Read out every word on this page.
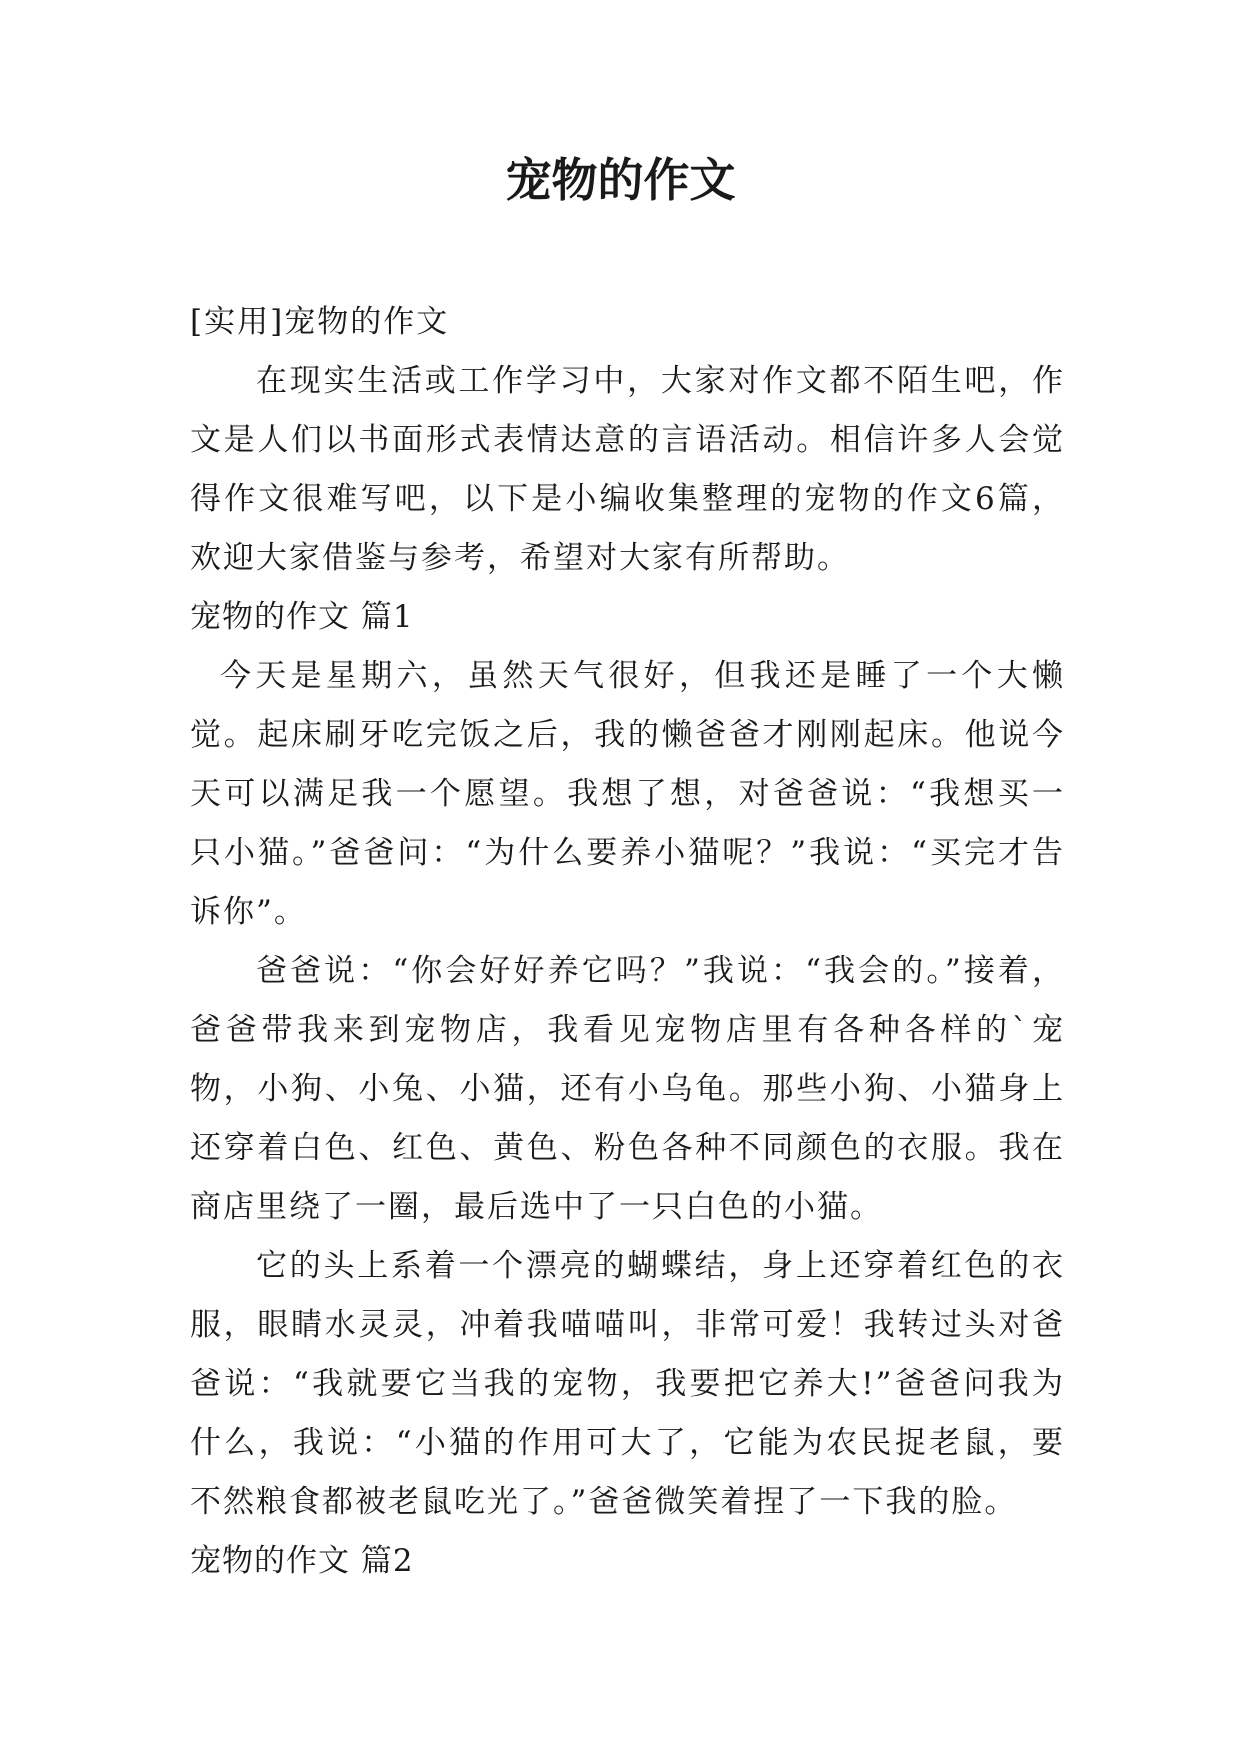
宠物的作文

[实用]宠物的作文

在现实生活或工作学习中，大家对作文都不陌生吧，作文是人们以书面形式表情达意的言语活动。相信许多人会觉得作文很难写吧，以下是小编收集整理的宠物的作文6篇，欢迎大家借鉴与参考，希望对大家有所帮助。

宠物的作文 篇1

今天是星期六，虽然天气很好，但我还是睡了一个大懒觉。起床刷牙吃完饭之后，我的懒爸爸才刚刚起床。他说今天可以满足我一个愿望。我想了想，对爸爸说：“我想买一只小猫。”爸爸问：“为什么要养小猫呢？”我说：“买完才告诉你”。

爸爸说：“你会好好养它吗？”我说：“我会的。”接着，爸爸带我来到宠物店，我看见宠物店里有各种各样的`宠物，小狗、小兔、小猫，还有小乌龟。那些小狗、小猫身上还穿着白色、红色、黄色、粉色各种不同颜色的衣服。我在商店里绕了一圈，最后选中了一只白色的小猫。

它的头上系着一个漂亮的蝴蝶结，身上还穿着红色的衣服，眼睛水灵灵，冲着我喵喵叫，非常可爱！我转过头对爸爸说：“我就要它当我的宠物，我要把它养大!”爸爸问我为什么，我说：“小猫的作用可大了，它能为农民捉老鼠，要不然粮食都被老鼠吃光了。”爸爸微笑着捏了一下我的脸。

宠物的作文 篇2
